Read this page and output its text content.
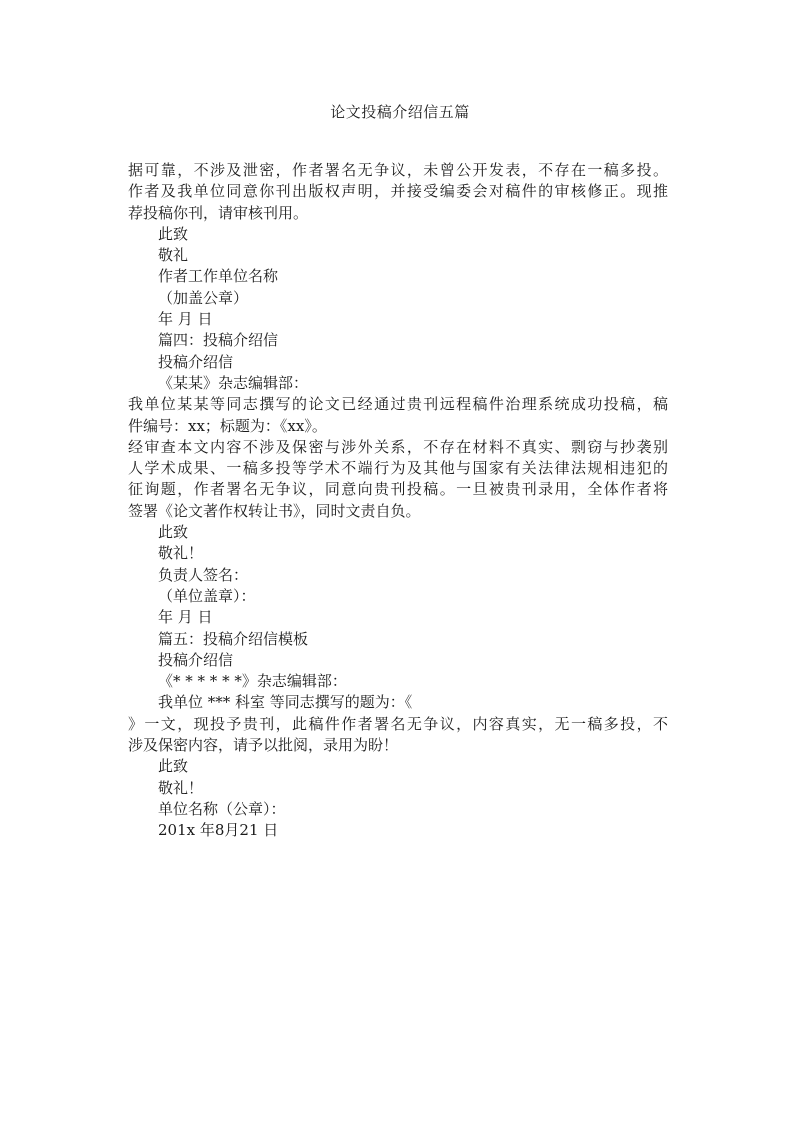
论文投稿介绍信五篇
据可靠，不涉及泄密，作者署名无争议，未曾公开发表，不存在一稿多投。
作者及我单位同意你刊出版权声明，并接受编委会对稿件的审核修正。现推
荐投稿你刊，请审核刊用。
此致
敬礼
作者工作单位名称
（加盖公章）
年 月 日
篇四：投稿介绍信
投稿介绍信
《某某》杂志编辑部：
我单位某某等同志撰写的论文已经通过贵刊远程稿件治理系统成功投稿，稿
件编号：xx；标题为：《xx》。
经审查本文内容不涉及保密与涉外关系，不存在材料不真实、剽窃与抄袭别
人学术成果、一稿多投等学术不端行为及其他与国家有关法律法规相违犯的
征询题，作者署名无争议，同意向贵刊投稿。一旦被贵刊录用，全体作者将
签署《论文著作权转让书》，同时文责自负。
此致
敬礼！
负责人签名：
（单位盖章）：
年 月 日
篇五：投稿介绍信模板
投稿介绍信
《* * * * * *》杂志编辑部：
我单位 *** 科室 等同志撰写的题为：《
》一文，现投予贵刊，此稿件作者署名无争议，内容真实，无一稿多投，不
涉及保密内容，请予以批阅，录用为盼！
此致
敬礼！
单位名称（公章）：
201x 年8月21 日
